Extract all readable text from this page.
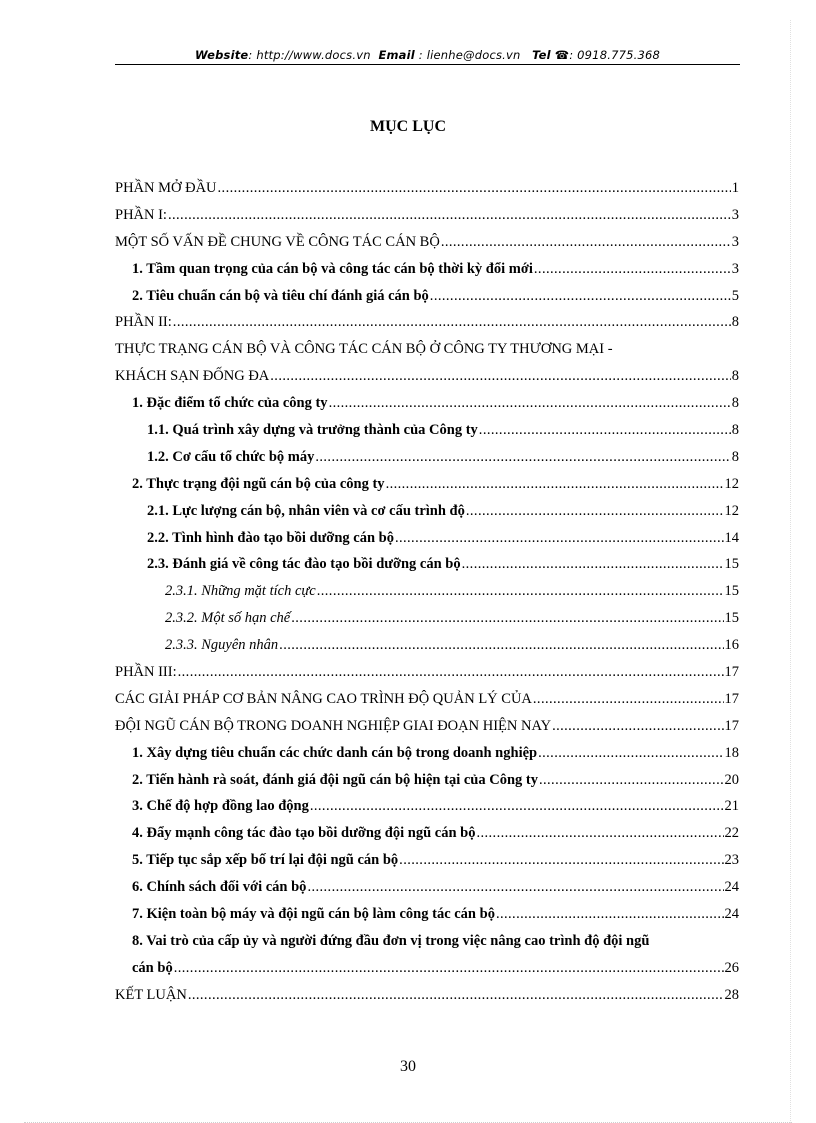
Website: http://www.docs.vn Email : lienhe@docs.vn Tel ☎: 0918.775.368
MỤC LỤC
PHẦN MỞ ĐẦU .....	1
PHẦN I: .....	3
MỘT SỐ VẤN ĐỀ CHUNG VỀ CÔNG TÁC CÁN BỘ .....	3
1. Tầm quan trọng của cán bộ và công tác cán bộ thời kỳ đổi mới .....	3
2. Tiêu chuẩn cán bộ và tiêu chí đánh giá cán bộ .....	5
PHẦN II: .....	8
THỰC TRẠNG CÁN BỘ VÀ CÔNG TÁC CÁN BỘ Ở CÔNG TY THƯƠNG MẠI -
KHÁCH SẠN ĐỐNG ĐA .....	8
1. Đặc điểm tổ chức của công ty .....	8
1.1. Quá trình xây dựng và trưởng thành của Công ty .....	8
1.2. Cơ cấu tổ chức bộ máy .....	8
2. Thực trạng đội ngũ cán bộ của công ty .....	12
2.1. Lực lượng cán bộ, nhân viên và cơ cấu trình độ .....	12
2.2. Tình hình đào tạo bồi dưỡng cán bộ .....	14
2.3. Đánh giá về công tác đào tạo bồi dưỡng cán bộ .....	15
2.3.1. Những mặt tích cực .....	15
2.3.2. Một số hạn chế .....	15
2.3.3. Nguyên nhân .....	16
PHẦN III: .....	17
CÁC GIẢI PHÁP CƠ BẢN NÂNG CAO TRÌNH ĐỘ QUẢN LÝ CỦA .....	17
ĐỘI NGŨ CÁN BỘ TRONG DOANH NGHIỆP GIAI ĐOẠN HIỆN NAY .....	17
1. Xây dựng tiêu chuẩn các chức danh cán bộ trong doanh nghiệp .....	18
2. Tiến hành rà soát, đánh giá đội ngũ cán bộ hiện tại của Công ty .....	20
3. Chế độ hợp đồng lao động .....	21
4. Đẩy mạnh công tác đào tạo bồi dưỡng đội ngũ cán bộ .....	22
5. Tiếp tục sắp xếp bố trí lại đội ngũ cán bộ .....	23
6. Chính sách đối với cán bộ .....	24
7. Kiện toàn bộ máy và đội ngũ cán bộ làm công tác cán bộ .....	24
8. Vai trò của cấp ủy và người đứng đầu đơn vị trong việc nâng cao trình độ đội ngũ
cán bộ .....	26
KẾT LUẬN .....	28
30
